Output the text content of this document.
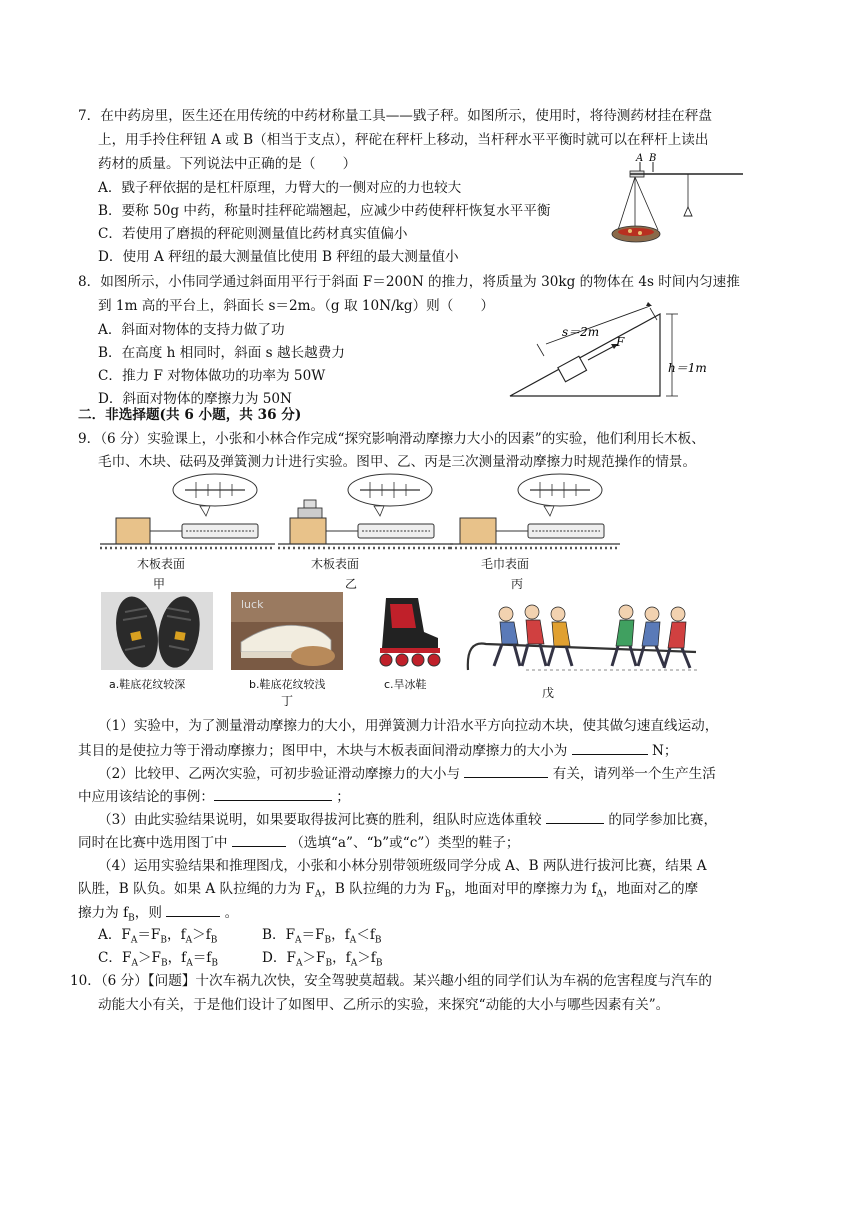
7．在中药房里，医生还在用传统的中药材称量工具——戥子秤。如图所示，使用时，将待测药材挂在秤盘
上，用手拎住秤钮 A 或 B（相当于支点），秤砣在秤杆上移动，当杆秤水平平衡时就可以在秤杆上读出
药材的质量。下列说法中正确的是（　　）
A．戥子秤依据的是杠杆原理，力臂大的一侧对应的力也较大
B．要称 50g 中药，称量时挂秤砣端翘起，应减少中药使秤杆恢复水平平衡
C．若使用了磨损的秤砣则测量值比药材真实值偏小
D．使用 A 秤纽的最大测量值比使用 B 秤纽的最大测量值小
A B
8．如图所示，小伟同学通过斜面用平行于斜面 F＝200N 的推力，将质量为 30kg 的物体在 4s 时间内匀速推
到 1m 高的平台上，斜面长 s＝2m。（g 取 10N/kg）则（　　）
A．斜面对物体的支持力做了功
B．在高度 h 相同时，斜面 s 越长越费力
C．推力 F 对物体做功的功率为 50W
D．斜面对物体的摩擦力为 50N
s＝2m
F
h＝1m
二．非选择题(共 6 小题，共 36 分)
9．（6 分）实验课上，小张和小林合作完成“探究影响滑动摩擦力大小的因素”的实验，他们利用长木板、
毛巾、木块、砝码及弹簧测力计进行实验。图甲、乙、丙是三次测量滑动摩擦力时规范操作的情景。
木板表面
甲
木板表面
乙
毛巾表面
丙
a.鞋底花纹较深
luck
b.鞋底花纹较浅
丁
c.旱冰鞋
戊
（1）实验中，为了测量滑动摩擦力的大小，用弹簧测力计沿水平方向拉动木块，使其做匀速直线运动，
其目的是使拉力等于滑动摩擦力；图甲中，木块与木板表面间滑动摩擦力的大小为	N；
（2）比较甲、乙两次实验，可初步验证滑动摩擦力的大小与	有关，请列举一个生产生活
中应用该结论的事例：	；
（3）由此实验结果说明，如果要取得拔河比赛的胜利，组队时应选体重较	的同学参加比赛，
同时在比赛中选用图丁中	（选填“a”、“b”或“c”）类型的鞋子；
（4）运用实验结果和推理图戊，小张和小林分别带领班级同学分成 A、B 两队进行拔河比赛，结果 A
队胜，B 队负。如果 A 队拉绳的力为 $F_A$，B 队拉绳的力为 $F_B$，地面对甲的摩擦力为 $f_A$，地面对乙的摩
擦力为 $f_B$，则	。
A．$F_A=F_B$，$f_A>f_B$	B．$F_A=F_B$，$f_A<f_B$
C．$F_A>F_B$，$f_A=f_B$	D．$F_A>F_B$，$f_A>f_B$
10．（6 分）【问题】十次车祸九次快，安全驾驶莫超载。某兴趣小组的同学们认为车祸的危害程度与汽车的
动能大小有关，于是他们设计了如图甲、乙所示的实验，来探究“动能的大小与哪些因素有关”。
